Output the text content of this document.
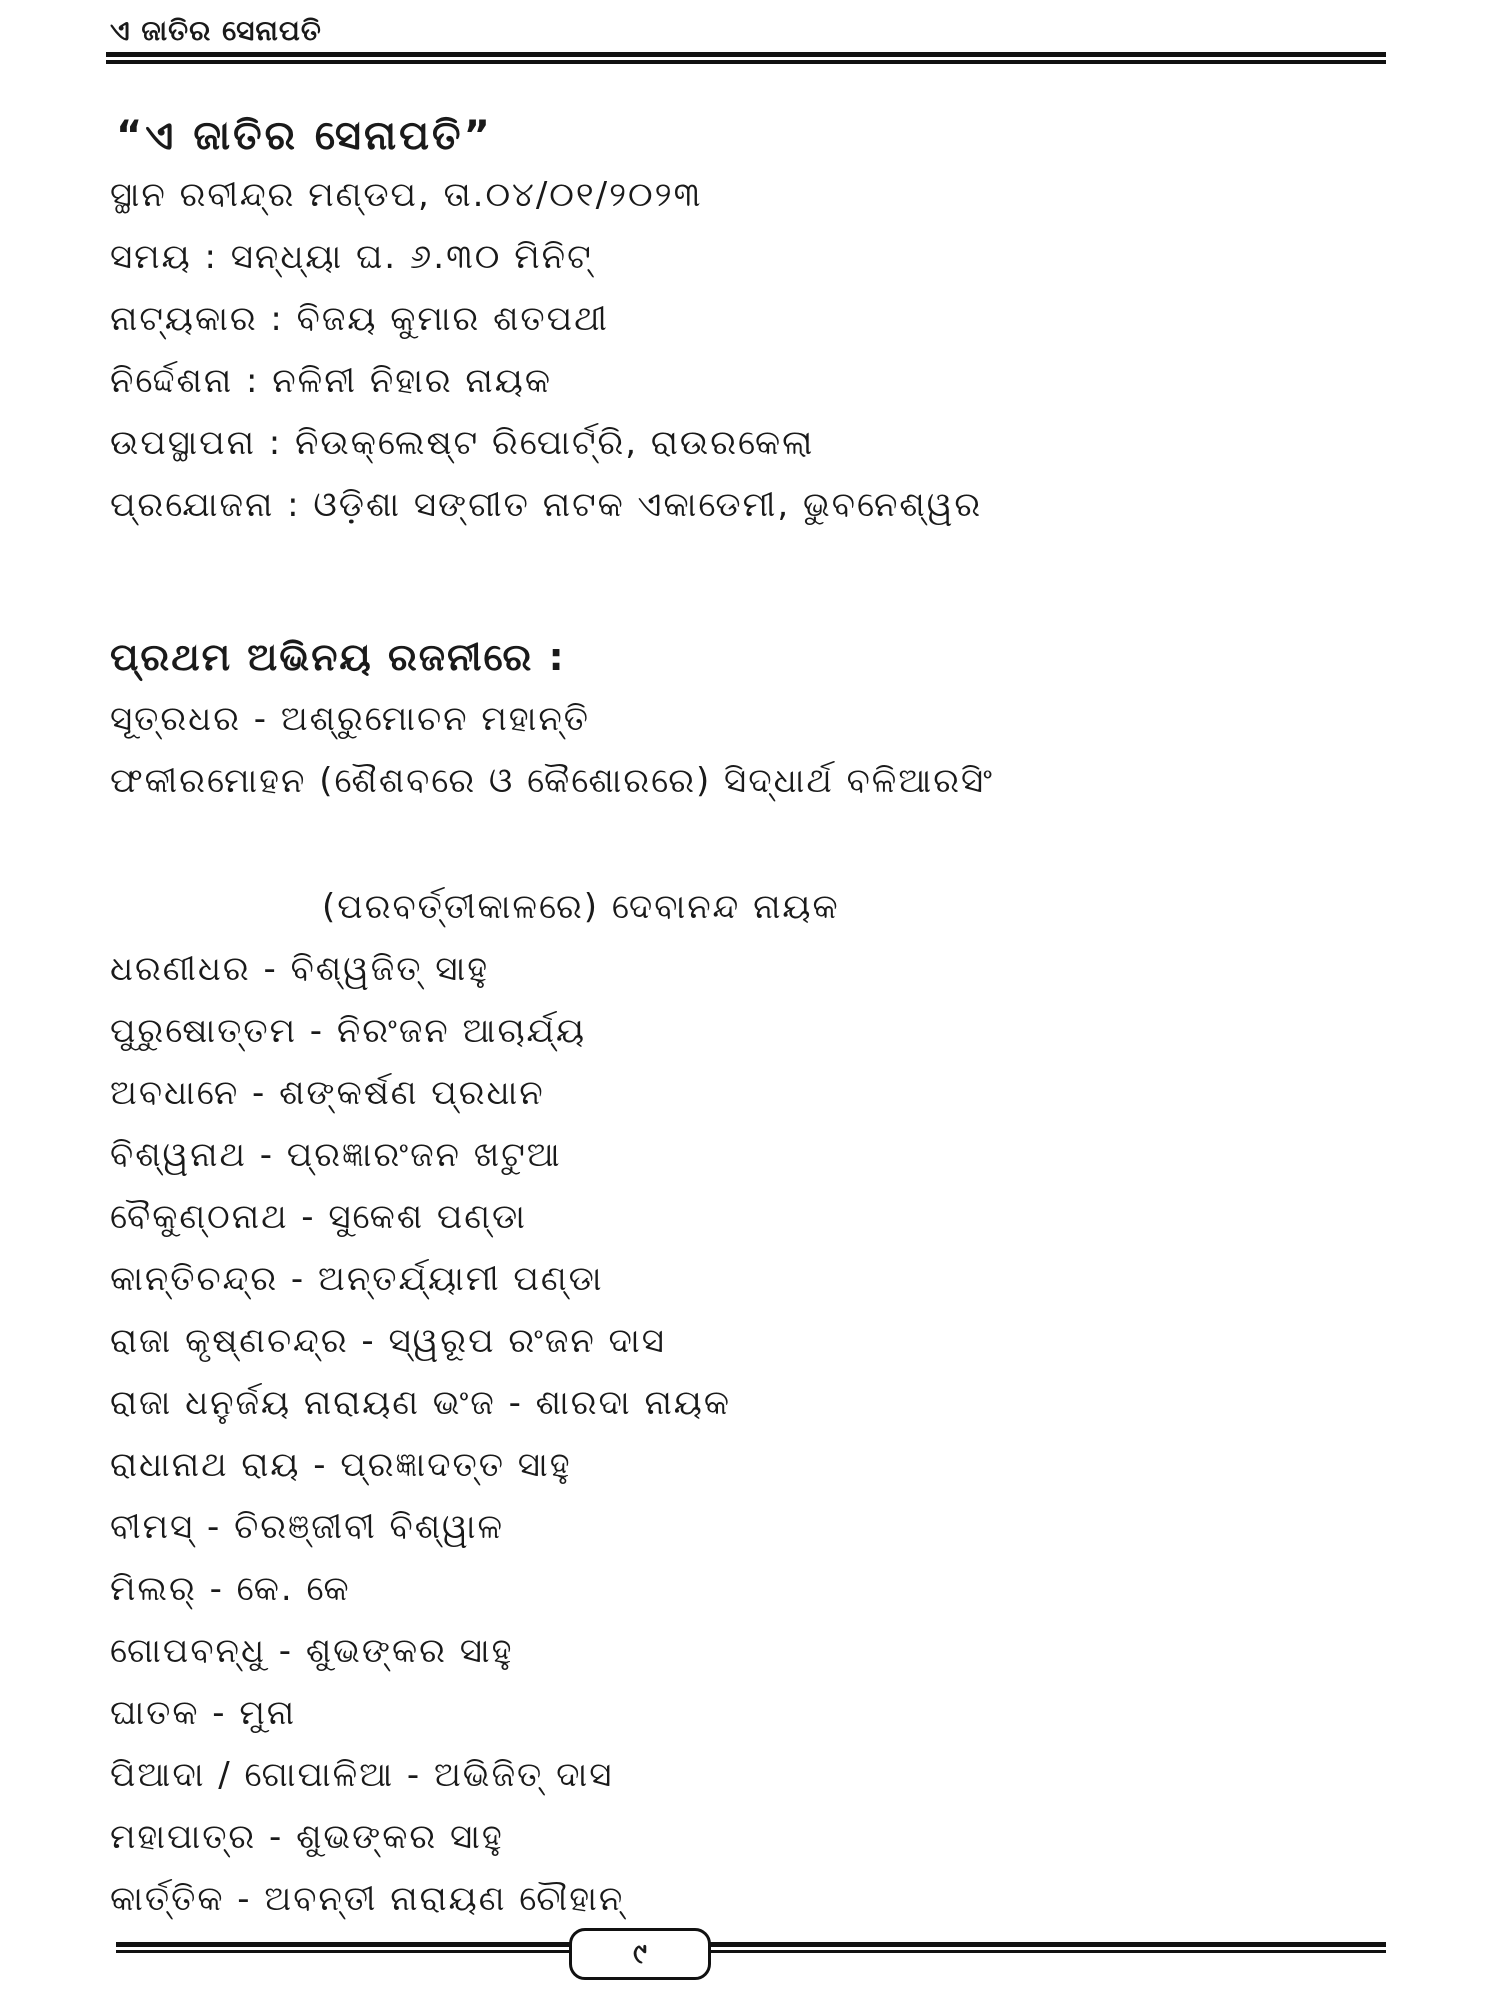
ଏ ଜାତିର ସେନାପତି
“ଏ ଜାତିର ସେନାପତି”
ସ୍ଥାନ ରବୀନ୍ଦ୍ର ମଣ୍ଡପ, ତା.୦୪/୦୧/୨୦୨୩
ସମୟ : ସନ୍ଧ୍ୟା ଘ. ୬.୩୦ ମିନିଟ୍
ନାଟ୍ୟକାର : ବିଜୟ କୁମାର ଶତପଥୀ
ନିର୍ଦ୍ଦେଶନା : ନଳିନୀ ନିହାର ନାୟକ
ଉପସ୍ଥାପନା : ନିଉକ୍ଲେଷ୍ଟ ରିପୋର୍ଟ୍ରି, ରାଉରକେଲା
ପ୍ରଯୋଜନା : ଓଡ଼ିଶା ସଙ୍ଗୀତ ନାଟକ ଏକାଡେମୀ, ଭୁବନେଶ୍ୱର
ପ୍ରଥମ ଅଭିନୟ ରଜନୀରେ :
ସୂତ୍ରଧର - ଅଶ୍ରୁମୋଚନ ମହାନ୍ତି
ଫକୀରମୋହନ (ଶୈଶବରେ ଓ କୈଶୋରରେ) ସିଦ୍ଧାର୍ଥ ବଳିଆରସିଂ
(ପରବର୍ତ୍ତୀକାଳରେ) ଦେବାନନ୍ଦ ନାୟକ
ଧରଣୀଧର - ବିଶ୍ୱଜିତ୍ ସାହୁ
ପୁରୁଷୋତ୍ତମ - ନିରଂଜନ ଆଚାର୍ଯ୍ୟ
ଅବଧାନେ - ଶଙ୍କର୍ଷଣ ପ୍ରଧାନ
ବିଶ୍ୱନାଥ - ପ୍ରଜ୍ଞାରଂଜନ ଖଟୁଆ
ବୈକୁଣ୍ଠନାଥ - ସୁକେଶ ପଣ୍ଡା
କାନ୍ତିଚନ୍ଦ୍ର - ଅନ୍ତର୍ଯ୍ୟାମୀ ପଣ୍ଡା
ରାଜା କୃଷ୍ଣଚନ୍ଦ୍ର - ସ୍ୱରୂପ ରଂଜନ ଦାସ
ରାଜା ଧନୁର୍ଜୟ ନାରାୟଣ ଭଂଜ - ଶାରଦା ନାୟକ
ରାଧାନାଥ ରାୟ - ପ୍ରଜ୍ଞାଦତ୍ତ ସାହୁ
ବୀମସ୍ - ଚିରଞ୍ଜୀବୀ ବିଶ୍ୱାଳ
ମିଲର୍ - କେ. କେ
ଗୋପବନ୍ଧୁ - ଶୁଭଙ୍କର ସାହୁ
ଘାତକ - ମୁନା
ପିଆଦା / ଗୋପାଳିଆ - ଅଭିଜିତ୍ ଦାସ
ମହାପାତ୍ର - ଶୁଭଙ୍କର ସାହୁ
କାର୍ତ୍ତିକ - ଅବନ୍ତୀ ନାରାୟଣ ଚୌହାନ୍
୯
